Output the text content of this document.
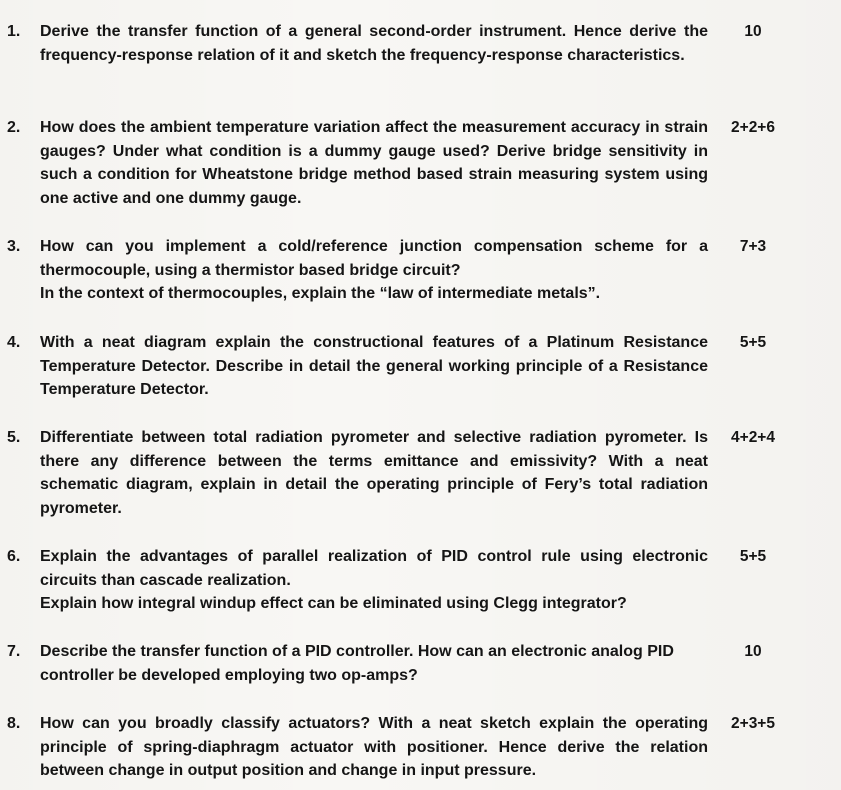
1. Derive the transfer function of a general second-order instrument. Hence derive the frequency-response relation of it and sketch the frequency-response characteristics.
10
2. How does the ambient temperature variation affect the measurement accuracy in strain gauges? Under what condition is a dummy gauge used? Derive bridge sensitivity in such a condition for Wheatstone bridge method based strain measuring system using one active and one dummy gauge.
2+2+6
3. How can you implement a cold/reference junction compensation scheme for a thermocouple, using a thermistor based bridge circuit?
In the context of thermocouples, explain the “law of intermediate metals”.
7+3
4. With a neat diagram explain the constructional features of a Platinum Resistance Temperature Detector. Describe in detail the general working principle of a Resistance Temperature Detector.
5+5
5. Differentiate between total radiation pyrometer and selective radiation pyrometer. Is there any difference between the terms emittance and emissivity? With a neat schematic diagram, explain in detail the operating principle of Fery’s total radiation pyrometer.
4+2+4
6. Explain the advantages of parallel realization of PID control rule using electronic circuits than cascade realization.
Explain how integral windup effect can be eliminated using Clegg integrator?
5+5
7. Describe the transfer function of a PID controller. How can an electronic analog PID controller be developed employing two op-amps?
10
8. How can you broadly classify actuators? With a neat sketch explain the operating principle of spring-diaphragm actuator with positioner. Hence derive the relation between change in output position and change in input pressure.
2+3+5
